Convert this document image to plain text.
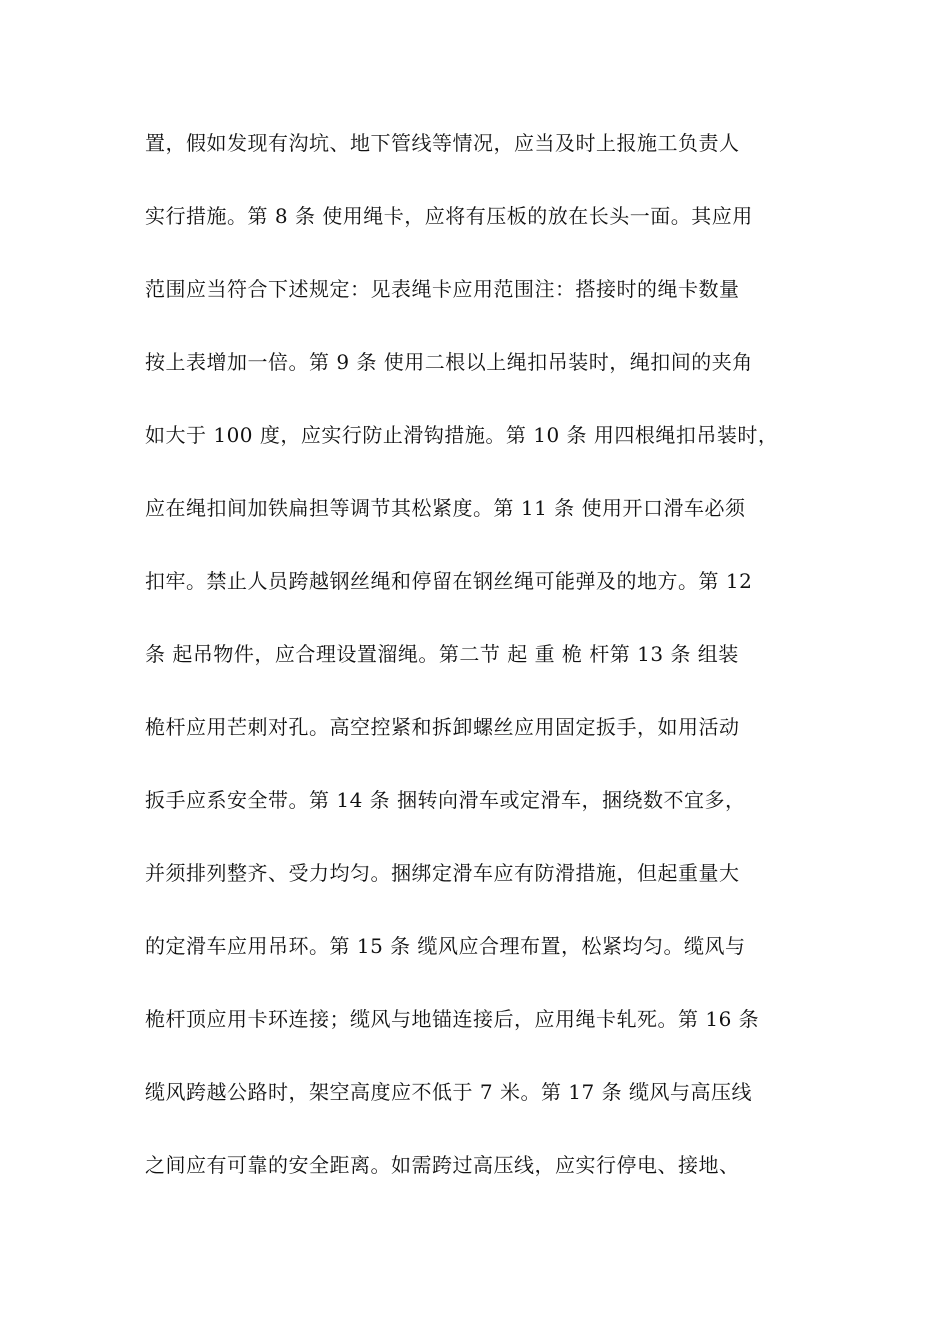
置，假如发现有沟坑、地下管线等情况，应当及时上报施工负责人
实行措施。第 8 条 使用绳卡，应将有压板的放在长头一面。其应用
范围应当符合下述规定：见表绳卡应用范围注：搭接时的绳卡数量
按上表增加一倍。第 9 条 使用二根以上绳扣吊装时，绳扣间的夹角
如大于 100 度，应实行防止滑钩措施。第 10 条 用四根绳扣吊装时，
应在绳扣间加铁扁担等调节其松紧度。第 11 条 使用开口滑车必须
扣牢。禁止人员跨越钢丝绳和停留在钢丝绳可能弹及的地方。第 12
条 起吊物件，应合理设置溜绳。第二节 起 重 桅 杆第 13 条 组装
桅杆应用芒刺对孔。高空控紧和拆卸螺丝应用固定扳手，如用活动
扳手应系安全带。第 14 条 捆转向滑车或定滑车，捆绕数不宜多，
并须排列整齐、受力均匀。捆绑定滑车应有防滑措施，但起重量大
的定滑车应用吊环。第 15 条 缆风应合理布置，松紧均匀。缆风与
桅杆顶应用卡环连接；缆风与地锚连接后，应用绳卡轧死。第 16 条
缆风跨越公路时，架空高度应不低于 7 米。第 17 条 缆风与高压线
之间应有可靠的安全距离。如需跨过高压线，应实行停电、接地、
